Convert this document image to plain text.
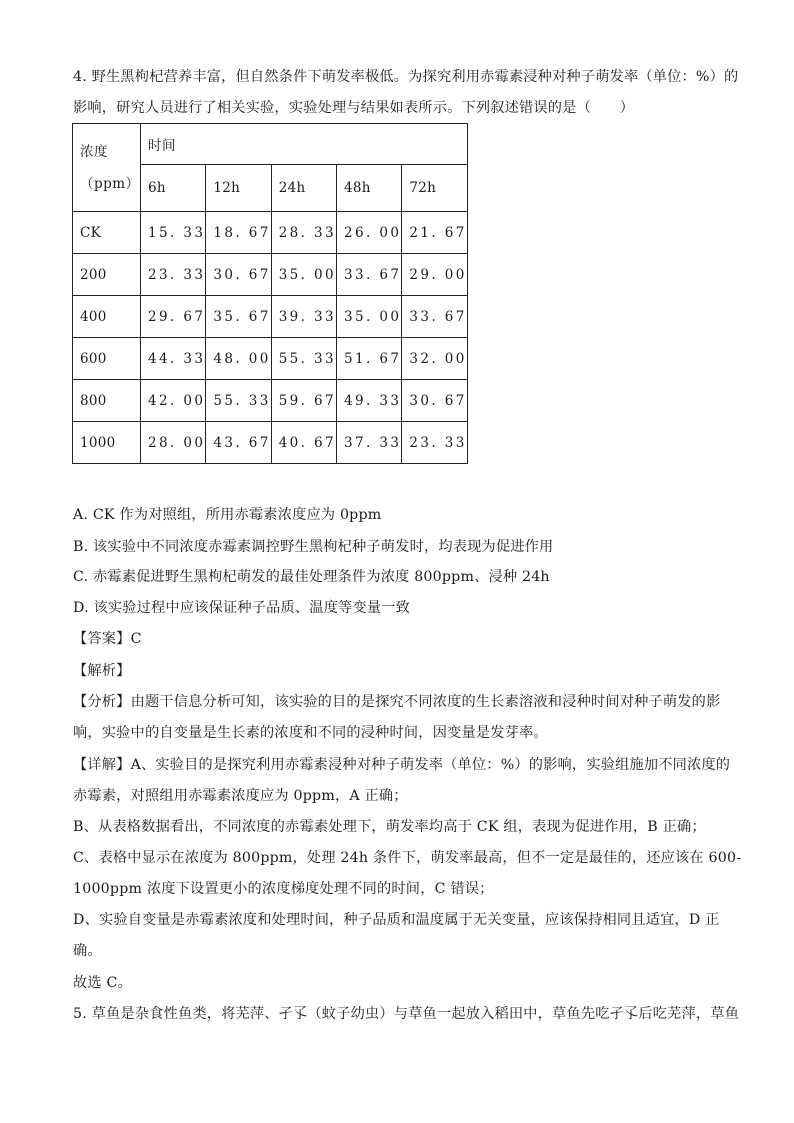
4. 野生黑枸杞营养丰富，但自然条件下萌发率极低。为探究利用赤霉素浸种对种子萌发率（单位：%）的
影响，研究人员进行了相关实验，实验处理与结果如表所示。下列叙述错误的是（　　）
浓度
（ppm）	时间				
	6h	12h	24h	48h	72h
CK	15. 33	18. 67	28. 33	26. 00	21. 67
200	23. 33	30. 67	35. 00	33. 67	29. 00
400	29. 67	35. 67	39. 33	35. 00	33. 67
600	44. 33	48. 00	55. 33	51. 67	32. 00
800	42. 00	55. 33	59. 67	49. 33	30. 67
1000	28. 00	43. 67	40. 67	37. 33	23. 33
A. CK 作为对照组，所用赤霉素浓度应为 0ppm
B. 该实验中不同浓度赤霉素调控野生黑枸杞种子萌发时，均表现为促进作用
C. 赤霉素促进野生黑枸杞萌发的最佳处理条件为浓度 800ppm、浸种 24h
D. 该实验过程中应该保证种子品质、温度等变量一致
【答案】C
【解析】
【分析】由题干信息分析可知，该实验的目的是探究不同浓度的生长素溶液和浸种时间对种子萌发的影
响，实验中的自变量是生长素的浓度和不同的浸种时间，因变量是发芽率。
【详解】A、实验目的是探究利用赤霉素浸种对种子萌发率（单位：%）的影响，实验组施加不同浓度的
赤霉素，对照组用赤霉素浓度应为 0ppm，A 正确；
B、从表格数据看出，不同浓度的赤霉素处理下，萌发率均高于 CK 组，表现为促进作用，B 正确；
C、表格中显示在浓度为 800ppm，处理 24h 条件下，萌发率最高，但不一定是最佳的，还应该在 600-
1000ppm 浓度下设置更小的浓度梯度处理不同的时间，C 错误；
D、实验自变量是赤霉素浓度和处理时间，种子品质和温度属于无关变量，应该保持相同且适宜，D 正
确。
故选 C。
5. 草鱼是杂食性鱼类，将芜萍、孑孓（蚊子幼虫）与草鱼一起放入稻田中，草鱼先吃孑孓后吃芜萍，草鱼
